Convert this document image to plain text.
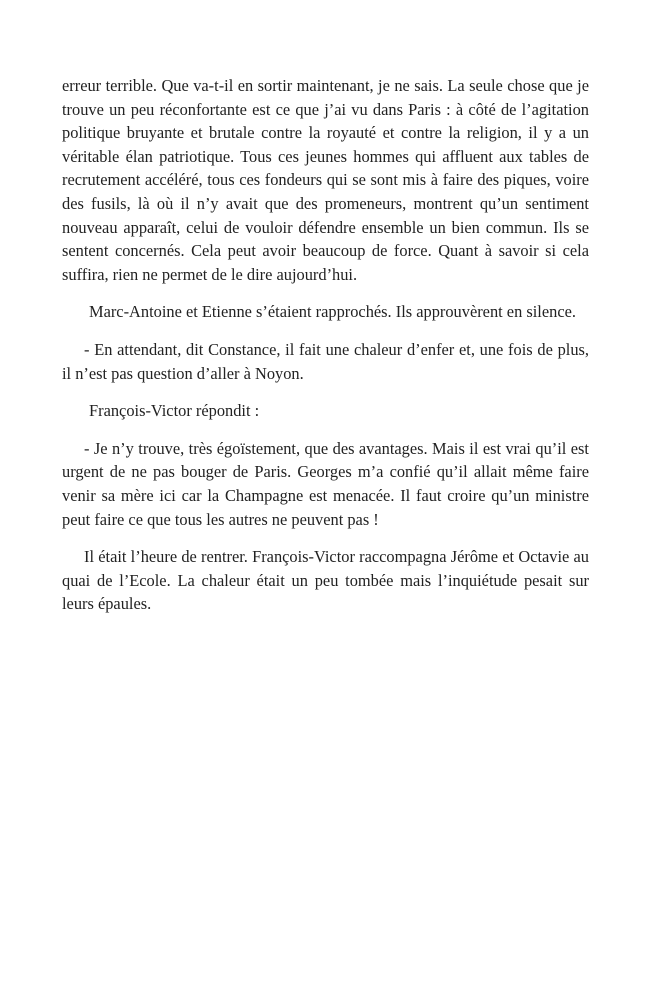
erreur terrible. Que va-t-il en sortir maintenant, je ne sais. La seule chose que je trouve un peu réconfortante est ce que j’ai vu dans Paris : à côté de l’agitation politique bruyante et brutale contre la royauté et contre la religion, il y a un véritable élan patriotique. Tous ces jeunes hommes qui affluent aux tables de recrutement accéléré, tous ces fondeurs qui se sont mis à faire des piques, voire des fusils, là où il n’y avait que des promeneurs, montrent qu’un sentiment nouveau apparaît, celui de vouloir défendre ensemble un bien commun. Ils se sentent concernés. Cela peut avoir beaucoup de force. Quant à savoir si cela suffira, rien ne permet de le dire aujourd’hui.

Marc-Antoine et Etienne s’étaient rapprochés. Ils approuvèrent en silence.

- En attendant, dit Constance, il fait une chaleur d’enfer et, une fois de plus, il n’est pas question d’aller à Noyon.

François-Victor répondit :

- Je n’y trouve, très égoïstement, que des avantages. Mais il est vrai qu’il est urgent de ne pas bouger de Paris. Georges m’a confié qu’il allait même faire venir sa mère ici car la Champagne est menacée. Il faut croire qu’un ministre peut faire ce que tous les autres ne peuvent pas !

Il était l’heure de rentrer. François-Victor raccompagna Jérôme et Octavie au quai de l’Ecole. La chaleur était un peu tombée mais l’inquiétude pesait sur leurs épaules.
